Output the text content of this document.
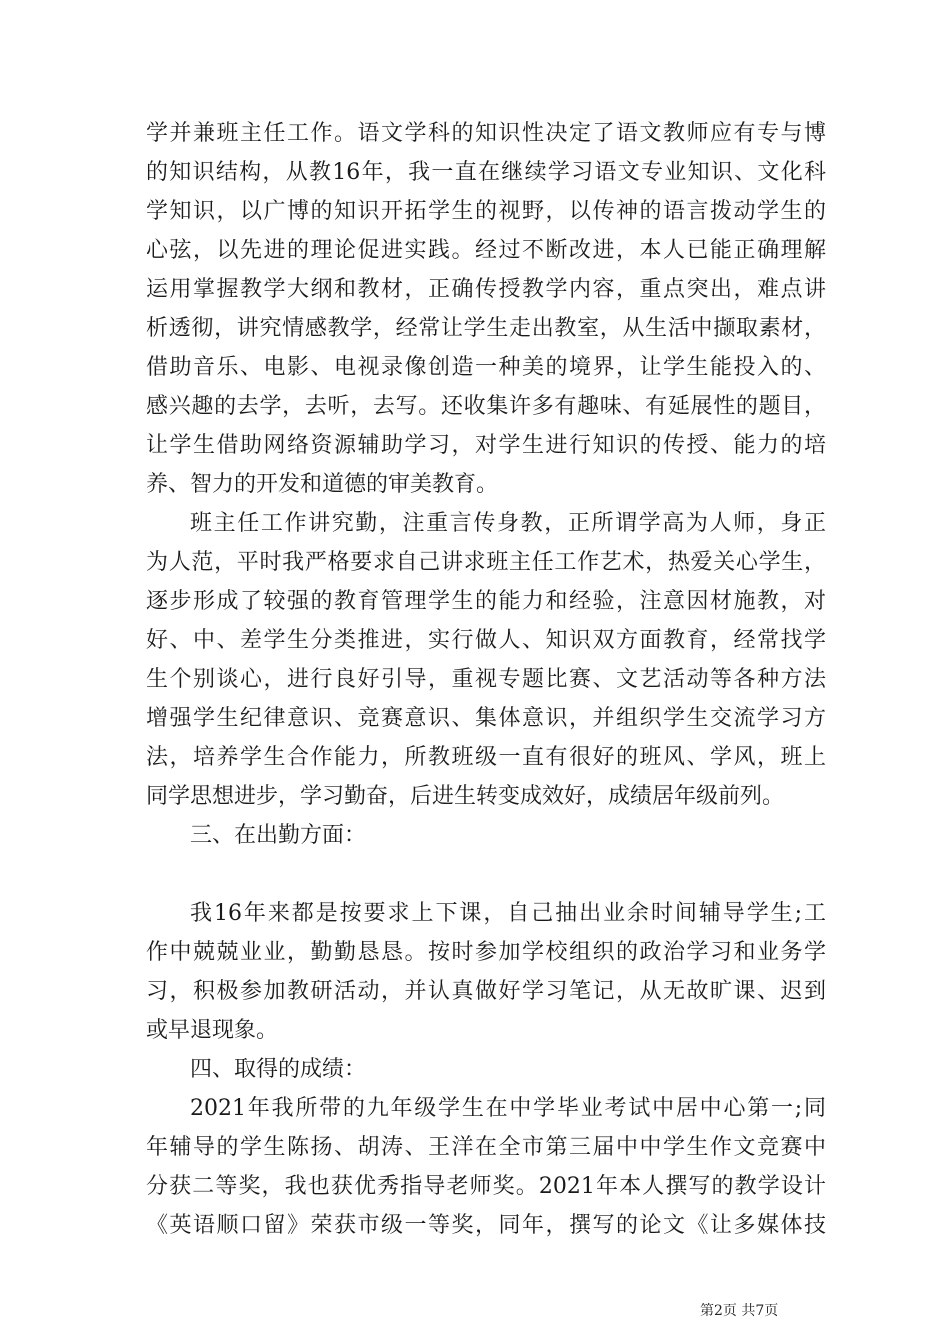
学并兼班主任工作。语文学科的知识性决定了语文教师应有专与博
的知识结构，从教16年，我一直在继续学习语文专业知识、文化科
学知识，以广博的知识开拓学生的视野，以传神的语言拨动学生的
心弦，以先进的理论促进实践。经过不断改进，本人已能正确理解
运用掌握教学大纲和教材，正确传授教学内容，重点突出，难点讲
析透彻，讲究情感教学，经常让学生走出教室，从生活中撷取素材，
借助音乐、电影、电视录像创造一种美的境界，让学生能投入的、
感兴趣的去学，去听，去写。还收集许多有趣味、有延展性的题目，
让学生借助网络资源辅助学习，对学生进行知识的传授、能力的培
养、智力的开发和道德的审美教育。
班主任工作讲究勤，注重言传身教，正所谓学高为人师，身正
为人范，平时我严格要求自己讲求班主任工作艺术，热爱关心学生，
逐步形成了较强的教育管理学生的能力和经验，注意因材施教，对
好、中、差学生分类推进，实行做人、知识双方面教育，经常找学
生个别谈心，进行良好引导，重视专题比赛、文艺活动等各种方法
增强学生纪律意识、竞赛意识、集体意识，并组织学生交流学习方
法，培养学生合作能力，所教班级一直有很好的班风、学风，班上
同学思想进步，学习勤奋，后进生转变成效好，成绩居年级前列。
三、在出勤方面：
我16年来都是按要求上下课，自己抽出业余时间辅导学生;工
作中兢兢业业，勤勤恳恳。按时参加学校组织的政治学习和业务学
习，积极参加教研活动，并认真做好学习笔记，从无故旷课、迟到
或早退现象。
四、取得的成绩：
2021年我所带的九年级学生在中学毕业考试中居中心第一;同
年辅导的学生陈扬、胡涛、王洋在全市第三届中中学生作文竞赛中
分获二等奖，我也获优秀指导老师奖。2021年本人撰写的教学设计
《英语顺口留》荣获市级一等奖，同年，撰写的论文《让多媒体技
第2页 共7页
